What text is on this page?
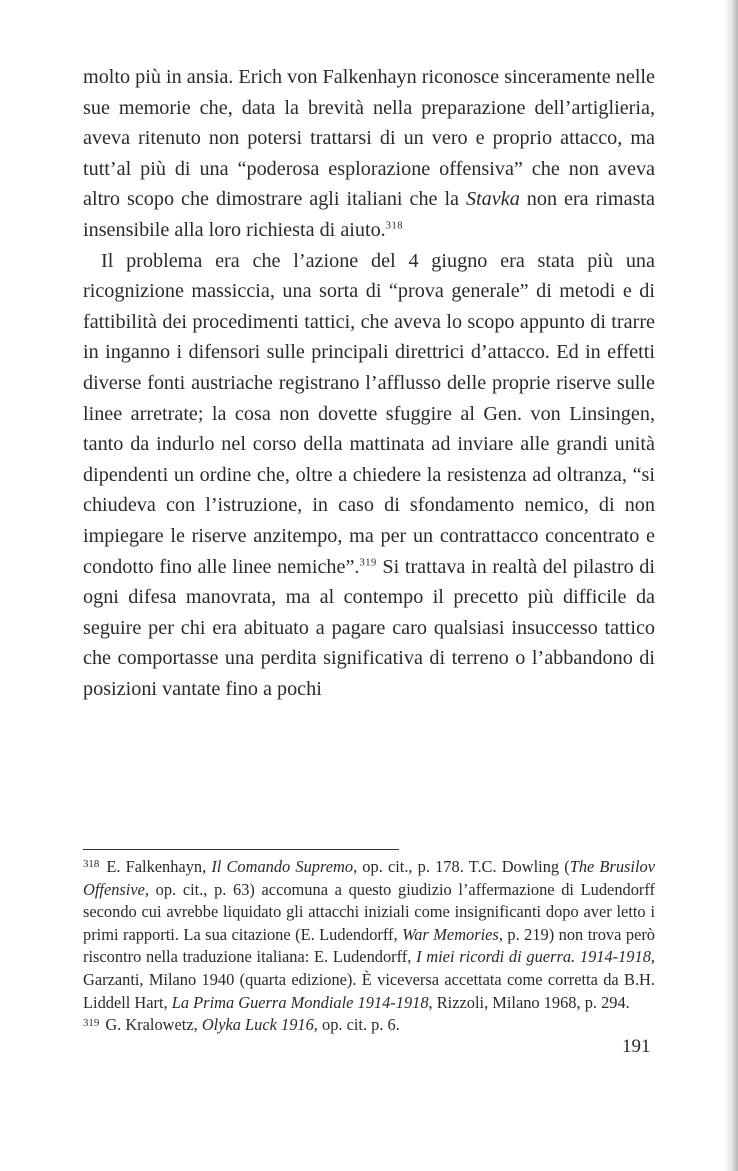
molto più in ansia. Erich von Falkenhayn riconosce sinceramente nelle sue memorie che, data la brevità nella preparazione dell’artiglieria, aveva ritenuto non potersi trattarsi di un vero e proprio attacco, ma tutt’al più di una “poderosa esplorazione offensiva” che non aveva altro scopo che dimostrare agli italiani che la Stavka non era rimasta insensibile alla loro richiesta di aiuto.$^{318}$

Il problema era che l’azione del 4 giugno era stata più una ricognizione massiccia, una sorta di “prova generale” di metodi e di fattibilità dei procedimenti tattici, che aveva lo scopo appunto di trarre in inganno i difensori sulle principali direttrici d’attacco. Ed in effetti diverse fonti austriache registrano l’afflusso delle proprie riserve sulle linee arretrate; la cosa non dovette sfuggire al Gen. von Linsingen, tanto da indurlo nel corso della mattinata ad inviare alle grandi unità dipendenti un ordine che, oltre a chiedere la resistenza ad oltranza, “si chiudeva con l’istruzione, in caso di sfondamento nemico, di non impiegare le riserve anzitempo, ma per un contrattacco concentrato e condotto fino alle linee nemiche”.$^{319}$ Si trattava in realtà del pilastro di ogni difesa manovrata, ma al contempo il precetto più difficile da seguire per chi era abituato a pagare caro qualsiasi insuccesso tattico che comportasse una perdita significativa di terreno o l’abbandono di posizioni vantate fino a pochi

$^{318}$ E. Falkenhayn, Il Comando Supremo, op. cit., p. 178. T.C. Dowling (The Brusilov Offensive, op. cit., p. 63) accomuna a questo giudizio l’affermazione di Ludendorff secondo cui avrebbe liquidato gli attacchi iniziali come insignificanti dopo aver letto i primi rapporti. La sua citazione (E. Ludendorff, War Memories, p. 219) non trova però riscontro nella traduzione italiana: E. Ludendorff, I miei ricordi di guerra. 1914-1918, Garzanti, Milano 1940 (quarta edizione). È viceversa accettata come corretta da B.H. Liddell Hart, La Prima Guerra Mondiale 1914-1918, Rizzoli, Milano 1968, p. 294.

$^{319}$ G. Kralowetz, Olyka Luck 1916, op. cit. p. 6.

191
